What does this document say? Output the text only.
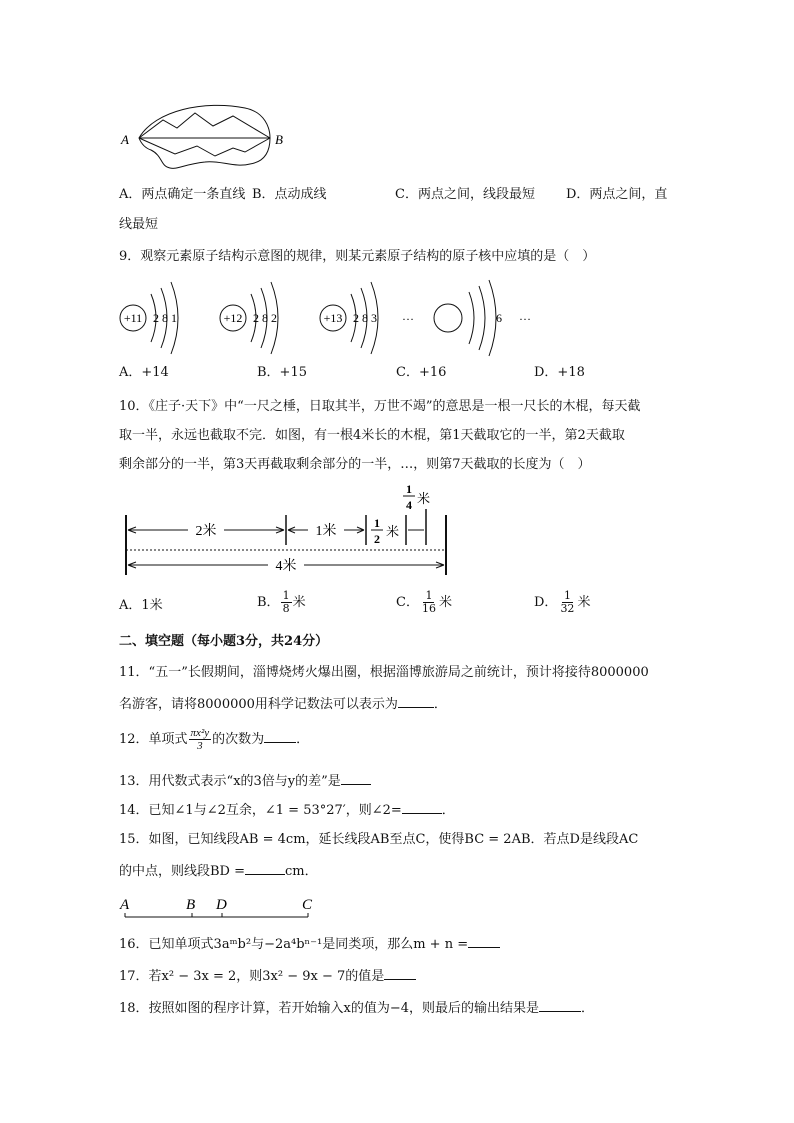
A	B
A．两点确定一条直线 B．点动成线	C．两点之间，线段最短 D．两点之间，直
线最短
9．观察元素原子结构示意图的规律，则某元素原子结构的原子核中应填的是（　）
+11 2 8 1	+12 2 8 2	+13 2 8 3 …	6 …
A．+14	B．+15	C．+16	D．+18
10．《庄子·天下》中“一尺之棰，日取其半，万世不竭”的意思是一根一尺长的木棍，每天截
取一半，永远也截取不完．如图，有一根4米长的木棍，第1天截取它的一半，第2天截取
剩余部分的一半，第3天再截取剩余部分的一半，…，则第7天截取的长度为（　）
2米	1米
1
2 米
1
4 米
4米
A．1米	B． $\frac{1}{8}$ 米	C． $\frac{1}{16}$ 米	D． $\frac{1}{32}$ 米
二、填空题（每小题3分，共24分）
11．“五一”长假期间，淄博烧烤火爆出圈，根据淄博旅游局之前统计，预计将接待8000000
名游客，请将8000000用科学记数法可以表示为	．
12．单项式 $\frac{\text{πx²y}}{3}$ 的次数为 ．
13．用代数式表示“x的3倍与y的差”是
14．已知∠1与∠2互余，∠1 = 53°27′，则∠2=	．
15．如图，已知线段AB = 4cm，延长线段AB至点C，使得BC = 2AB．若点D是线段AC
的中点，则线段BD =	cm．
A	B D	C
16．已知单项式3aᵐb²与−2a⁴bⁿ⁻¹是同类项，那么m + n =
17．若x² − 3x = 2，则3x² − 9x − 7的值是
18．按照如图的程序计算，若开始输入x的值为−4，则最后的输出结果是	．
